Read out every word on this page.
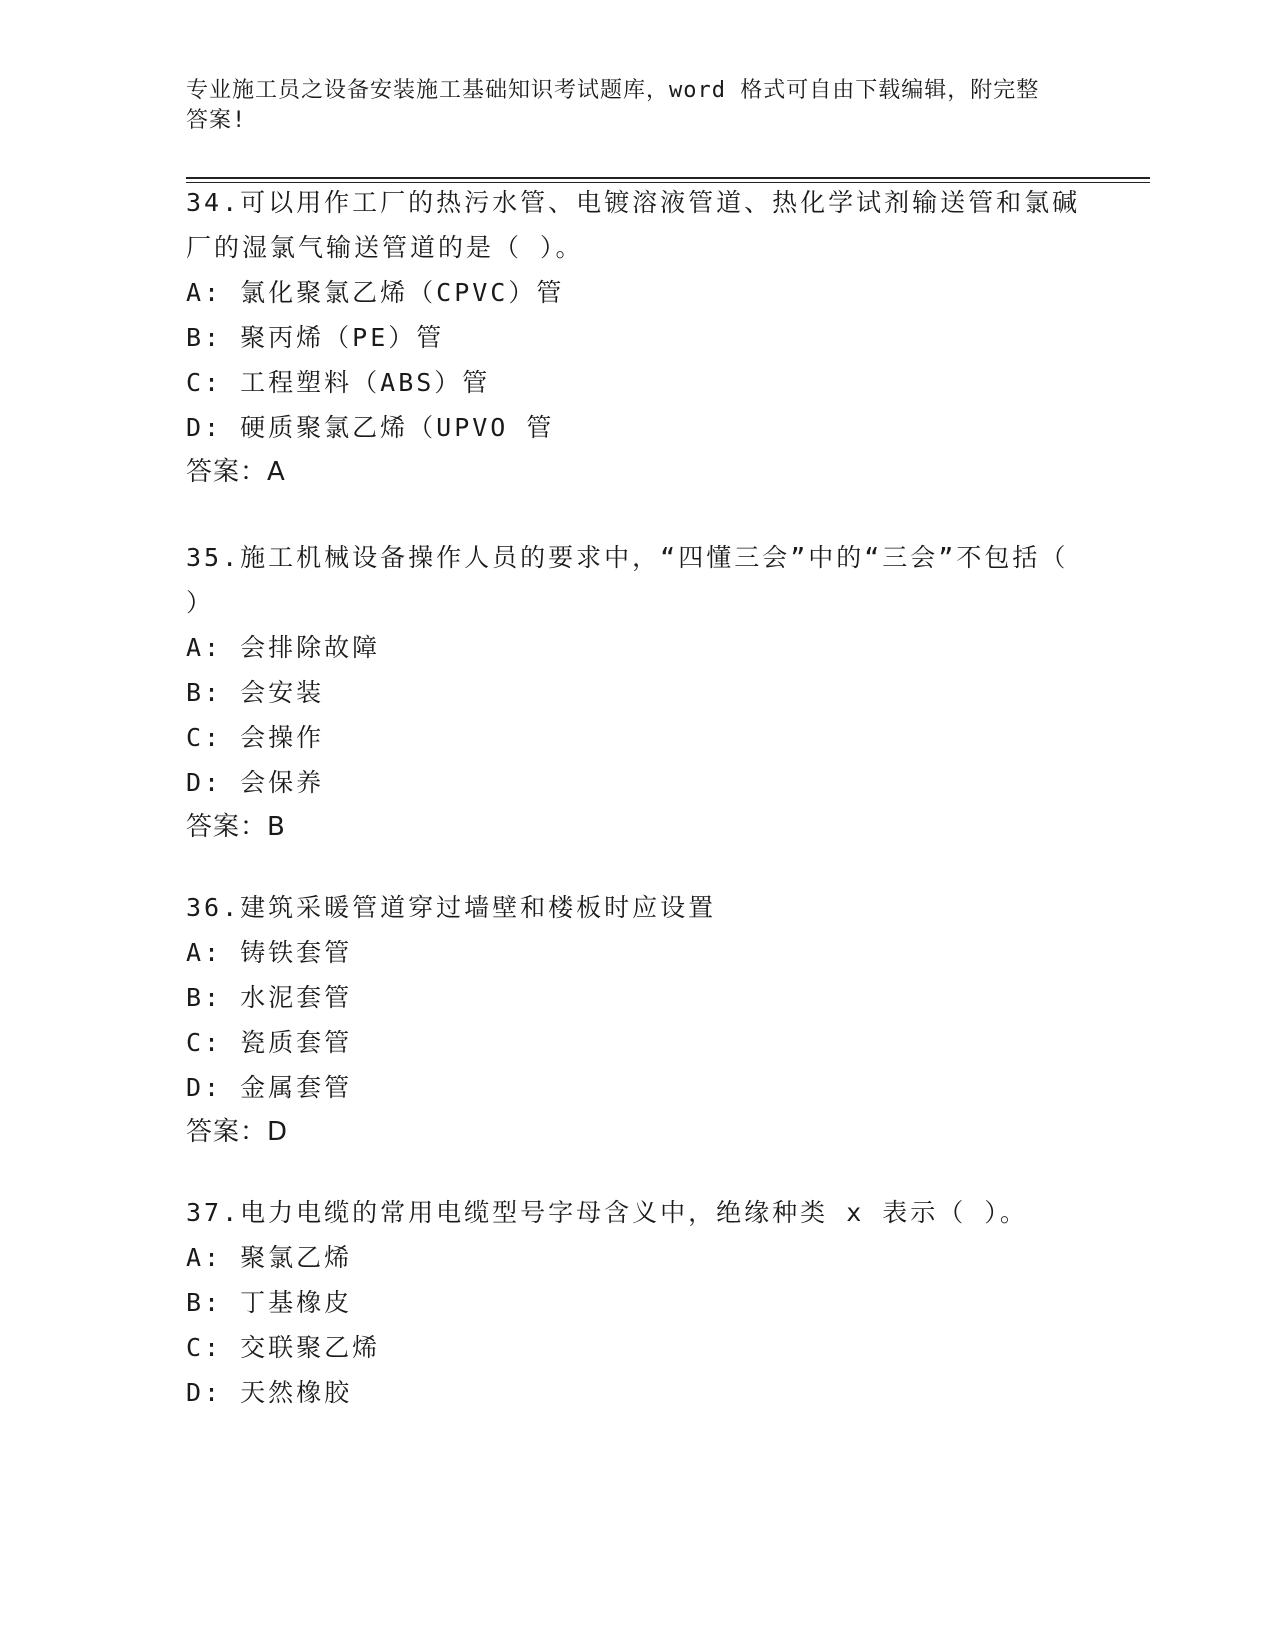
专业施工员之设备安装施工基础知识考试题库，word 格式可自由下载编辑，附完整答案!

34.可以用作工厂的热污水管、电镀溶液管道、热化学试剂输送管和氯碱厂的湿氯气输送管道的是（ ）。

A: 氯化聚氯乙烯（CPVC）管

B: 聚丙烯（PE）管

C: 工程塑料（ABS）管

D: 硬质聚氯乙烯（UPVO 管

答案：A

35.施工机械设备操作人员的要求中，“四懂三会”中的“三会”不包括（ ）

A: 会排除故障

B: 会安装

C: 会操作

D: 会保养

答案：B

36.建筑采暖管道穿过墙壁和楼板时应设置

A: 铸铁套管

B: 水泥套管

C: 瓷质套管

D: 金属套管

答案：D

37.电力电缆的常用电缆型号字母含义中，绝缘种类 x 表示（ ）。

A: 聚氯乙烯

B: 丁基橡皮

C: 交联聚乙烯

D: 天然橡胶
